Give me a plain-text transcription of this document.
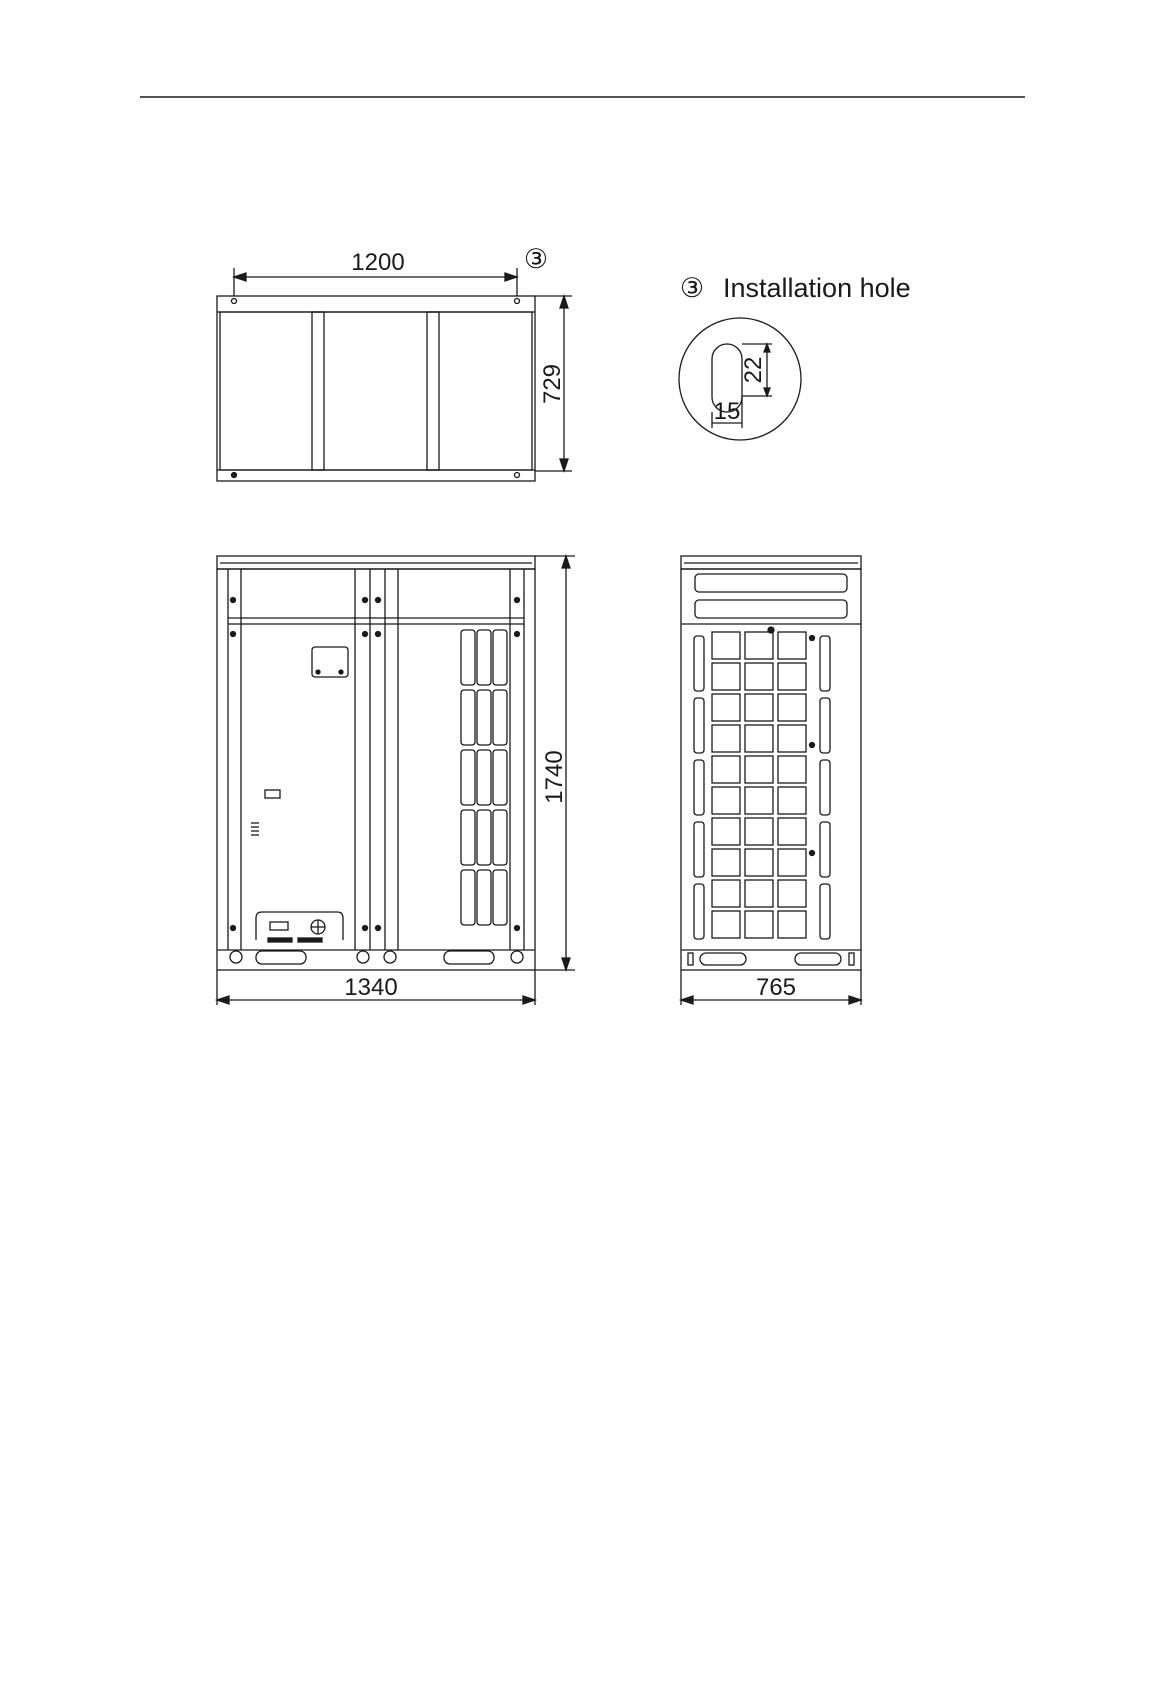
1200
729
③
③ Installation hole
22
15
1740
1340	765
